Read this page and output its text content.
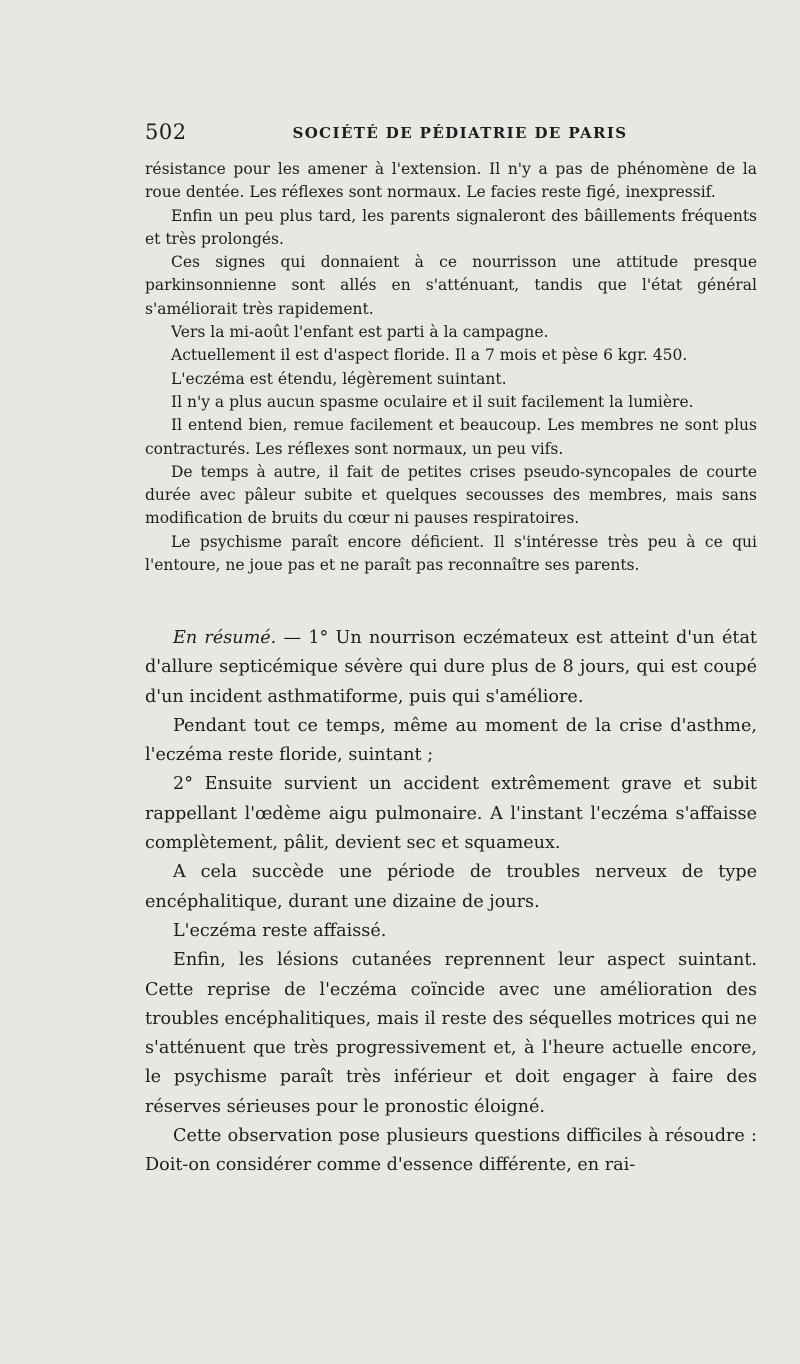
502	SOCIÉTÉ DE PÉDIATRIE DE PARIS

résistance pour les amener à l'extension. Il n'y a pas de phénomène de la roue dentée. Les réflexes sont normaux. Le facies reste figé, inexpressif.

Enfin un peu plus tard, les parents signaleront des bâillements fréquents et très prolongés.

Ces signes qui donnaient à ce nourrisson une attitude presque parkinsonnienne sont allés en s'atténuant, tandis que l'état général s'améliorait très rapidement.

Vers la mi-août l'enfant est parti à la campagne.

Actuellement il est d'aspect floride. Il a 7 mois et pèse 6 kgr. 450.

L'eczéma est étendu, légèrement suintant.

Il n'y a plus aucun spasme oculaire et il suit facilement la lumière.

Il entend bien, remue facilement et beaucoup. Les membres ne sont plus contracturés. Les réflexes sont normaux, un peu vifs.

De temps à autre, il fait de petites crises pseudo-syncopales de courte durée avec pâleur subite et quelques secousses des membres, mais sans modification de bruits du cœur ni pauses respiratoires.

Le psychisme paraît encore déficient. Il s'intéresse très peu à ce qui l'entoure, ne joue pas et ne paraît pas reconnaître ses parents.

En résumé. — 1° Un nourrison eczémateux est atteint d'un état d'allure septicémique sévère qui dure plus de 8 jours, qui est coupé d'un incident asthmatiforme, puis qui s'améliore.

Pendant tout ce temps, même au moment de la crise d'asthme, l'eczéma reste floride, suintant ;

2° Ensuite survient un accident extrêmement grave et subit rappellant l'œdème aigu pulmonaire. A l'instant l'eczéma s'affaisse complètement, pâlit, devient sec et squameux.

A cela succède une période de troubles nerveux de type encéphalitique, durant une dizaine de jours.

L'eczéma reste affaissé.

Enfin, les lésions cutanées reprennent leur aspect suintant. Cette reprise de l'eczéma coïncide avec une amélioration des troubles encéphalitiques, mais il reste des séquelles motrices qui ne s'atténuent que très progressivement et, à l'heure actuelle encore, le psychisme paraît très inférieur et doit engager à faire des réserves sérieuses pour le pronostic éloigné.

Cette observation pose plusieurs questions difficiles à résoudre : Doit-on considérer comme d'essence différente, en rai-
